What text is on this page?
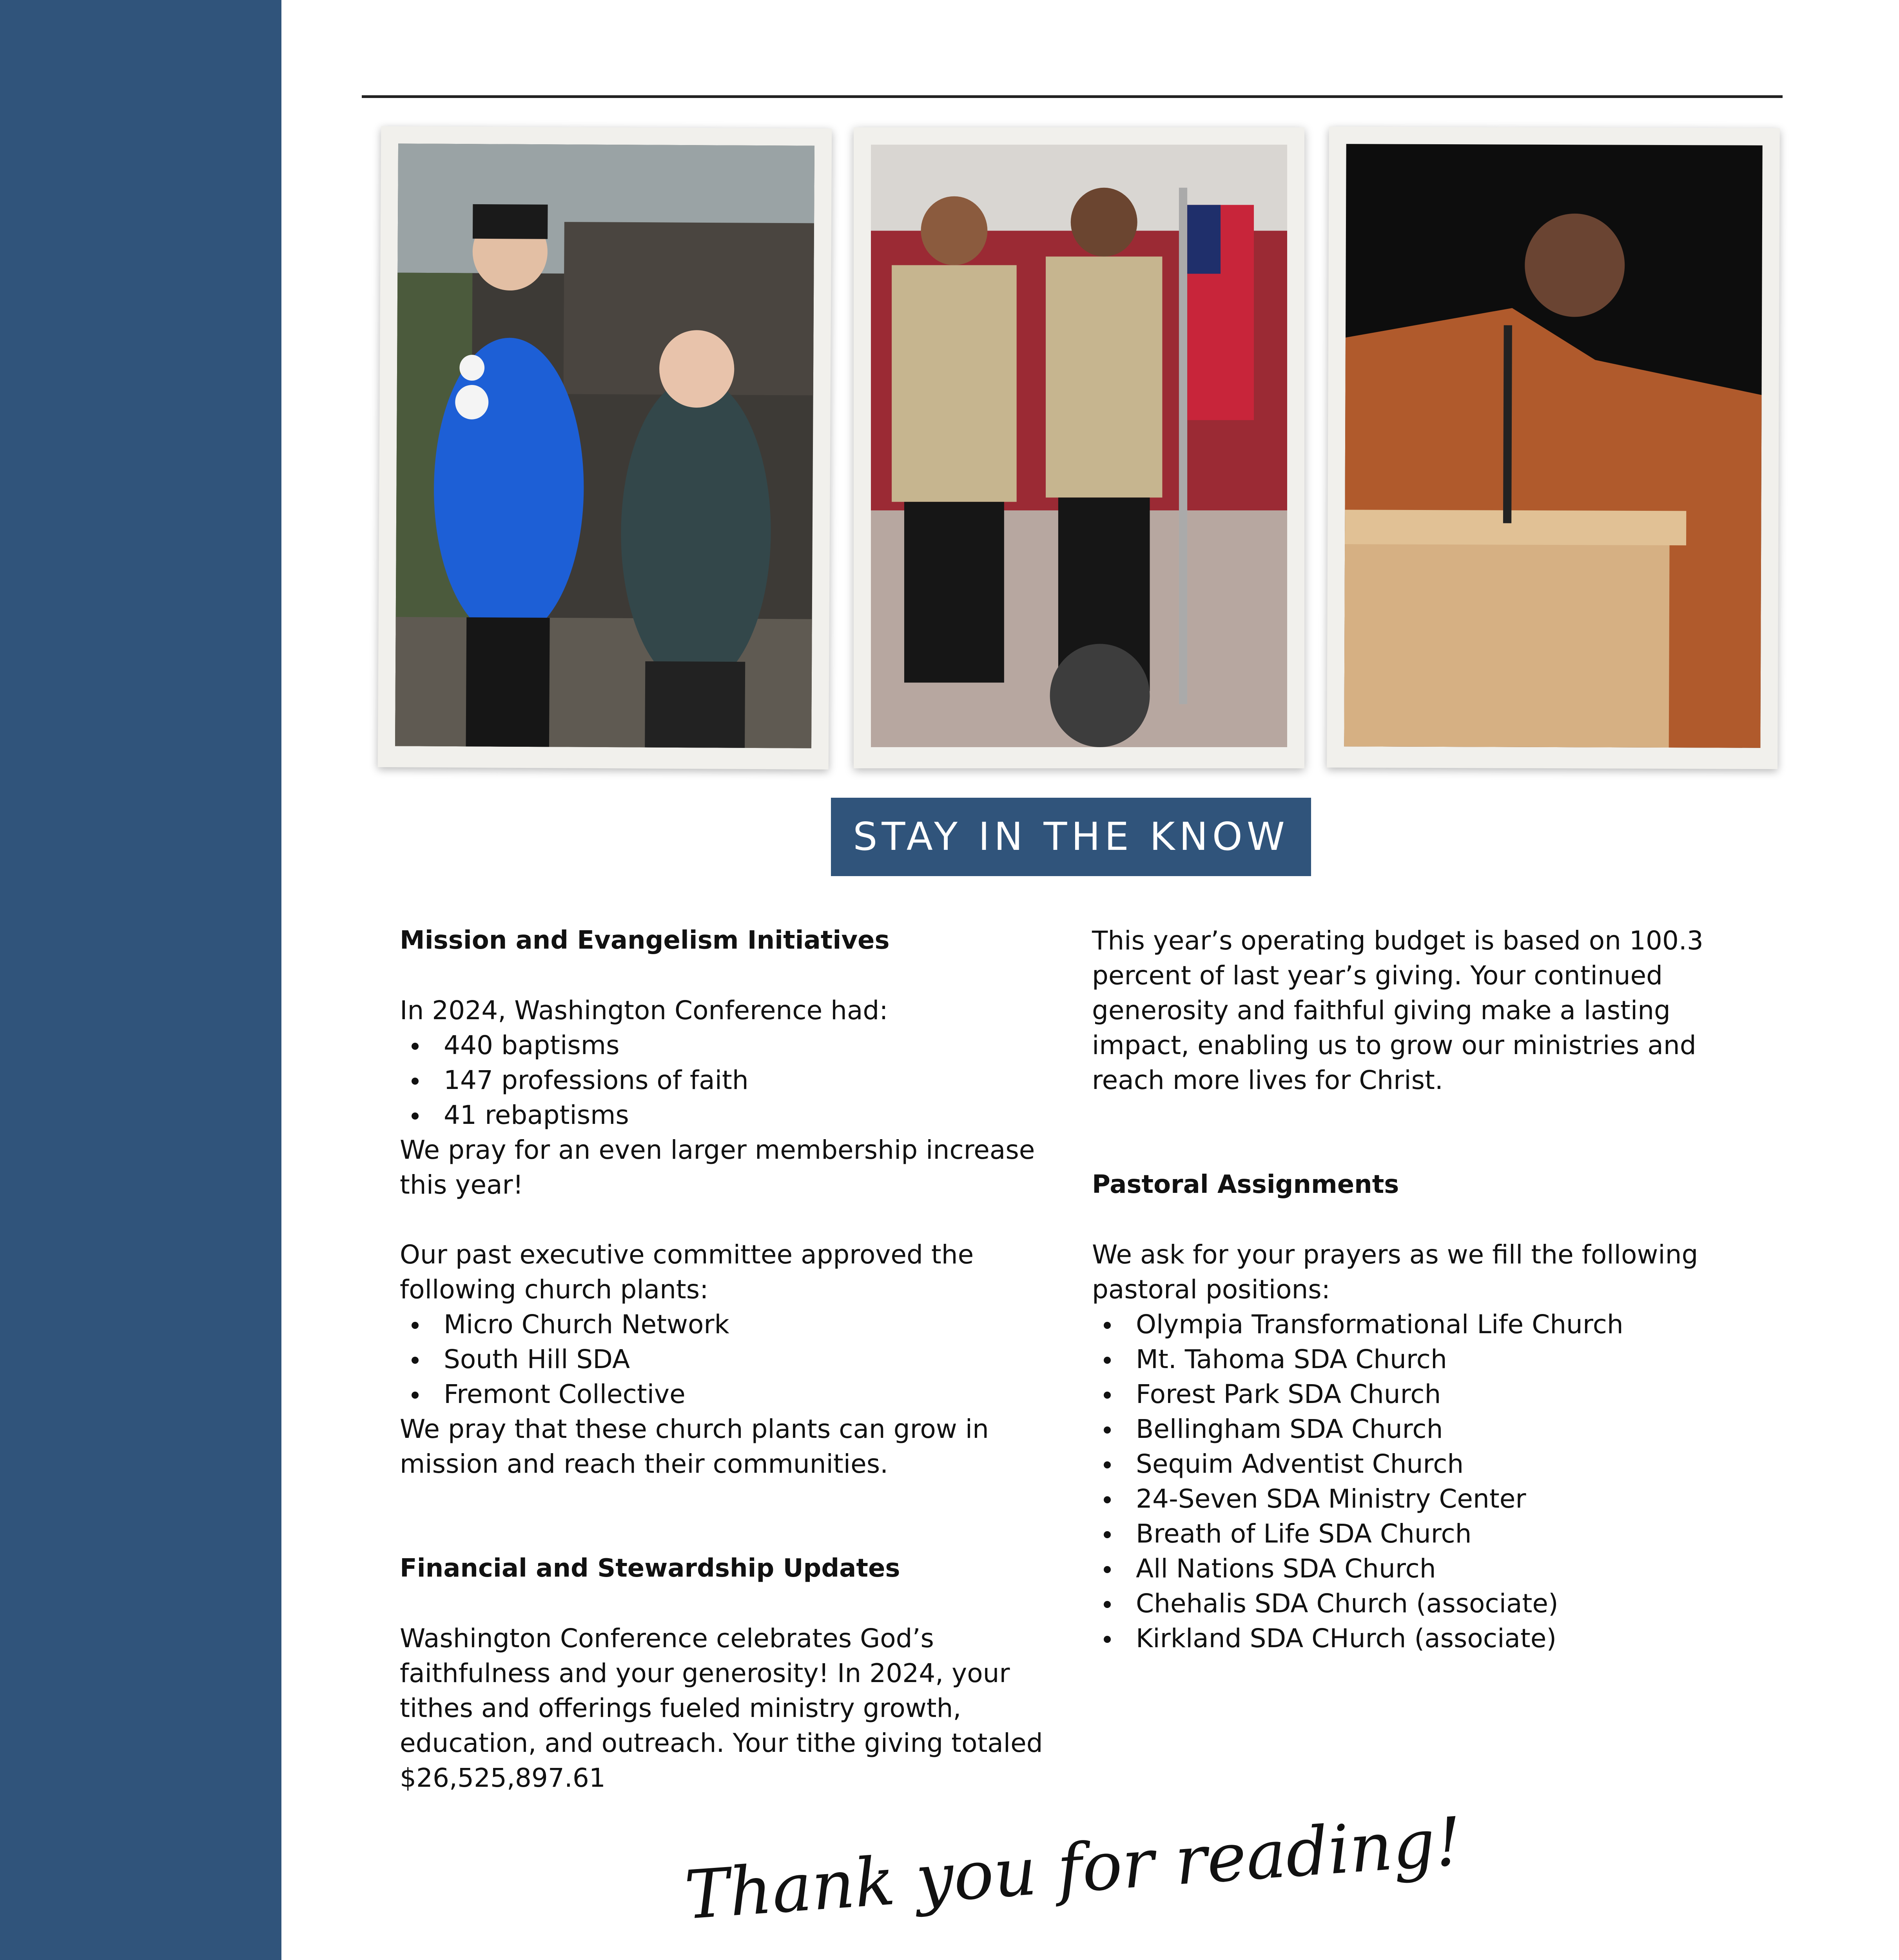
STAY IN THE KNOW

Mission and Evangelism Initiatives

In 2024, Washington Conference had:

440 baptisms
147 professions of faith
41 rebaptisms

We pray for an even larger membership increase this year!

Our past executive committee approved the following church plants:

Micro Church Network
South Hill SDA
Fremont Collective

We pray that these church plants can grow in mission and reach their communities.

Financial and Stewardship Updates

Washington Conference celebrates God’s faithfulness and your generosity! In 2024, your tithes and offerings fueled ministry growth, education, and outreach. Your tithe giving totaled $26,525,897.61

This year’s operating budget is based on 100.3 percent of last year’s giving. Your continued generosity and faithful giving make a lasting impact, enabling us to grow our ministries and reach more lives for Christ.

Pastoral Assignments

We ask for your prayers as we fill the following pastoral positions:

Olympia Transformational Life Church
Mt. Tahoma SDA Church
Forest Park SDA Church
Bellingham SDA Church
Sequim Adventist Church
24-Seven SDA Ministry Center
Breath of Life SDA Church
All Nations SDA Church
Chehalis SDA Church (associate)
Kirkland SDA CHurch (associate)
Thank you for reading!
